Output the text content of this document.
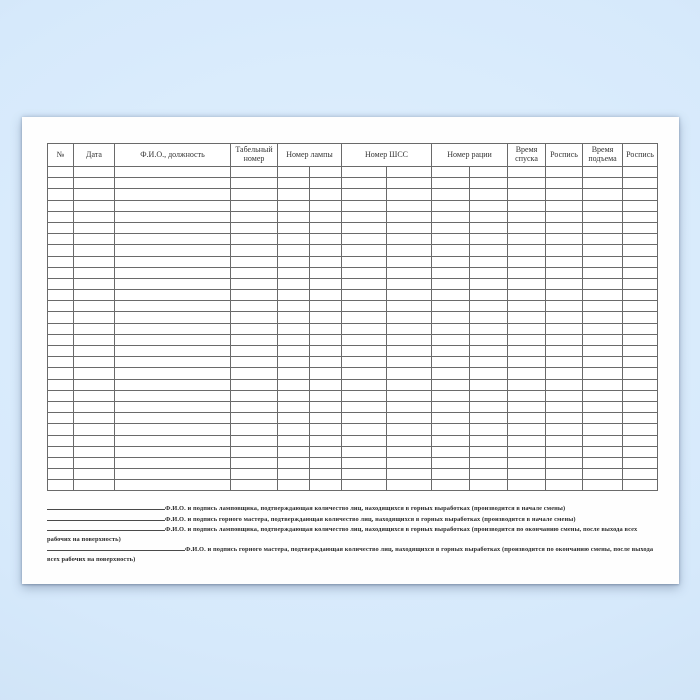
№	Дата	Ф.И.О., должность	Табельный номер	Номер лампы		Номер ШСС		Номер рации		Время спуска	Роспись	Время подъема	Роспись

Ф.И.О. и подпись ламповщика, подтверждающая количество лиц, находящихся в горных выработках (производится в начале смены)
Ф.И.О. и подпись горного мастера, подтверждающая количество лиц, находящихся в горных выработках (производится в начале смены)
Ф.И.О. и подпись ламповщика, подтверждающая количество лиц, находящихся в горных выработках (производится по окончанию смены, после выхода всех рабочих на поверхность)
Ф.И.О. и подпись горного мастера, подтверждающая количество лиц, находящихся в горных выработках (производится по окончанию смены, после выхода всех рабочих на поверхность)
